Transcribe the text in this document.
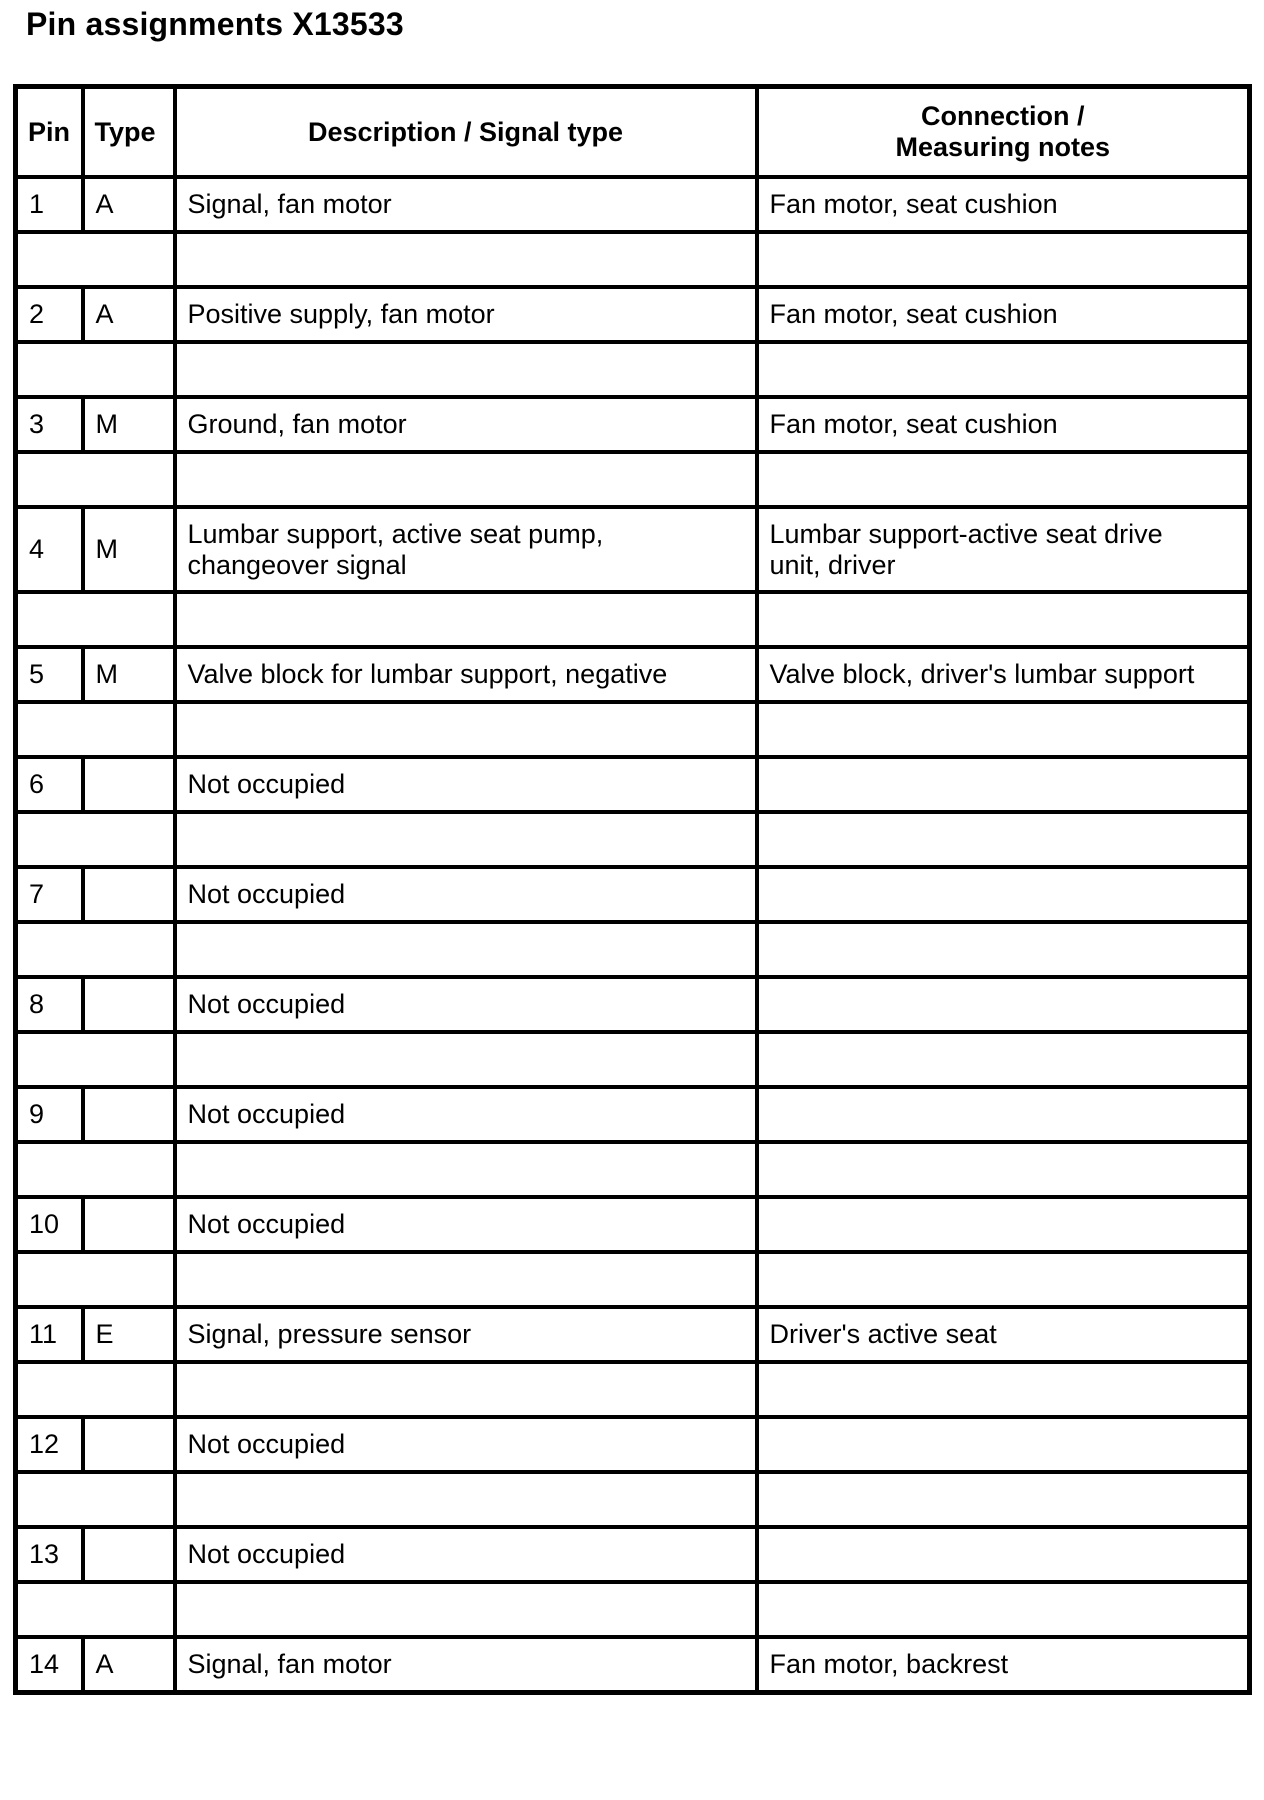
Pin assignments X13533
Pin	Type	Description / Signal type	Connection /
Measuring notes

1	A	Signal, fan motor	Fan motor, seat cushion

2	A	Positive supply, fan motor	Fan motor, seat cushion

3	M	Ground, fan motor	Fan motor, seat cushion

4	M	Lumbar support, active seat pump,
changeover signal	Lumbar support-active seat drive
unit, driver

5	M	Valve block for lumbar support, negative	Valve block, driver's lumbar support

6		Not occupied	

7		Not occupied	

8		Not occupied	

9		Not occupied	

10		Not occupied	

11	E	Signal, pressure sensor	Driver's active seat

12		Not occupied	

13		Not occupied	

14	A	Signal, fan motor	Fan motor, backrest
